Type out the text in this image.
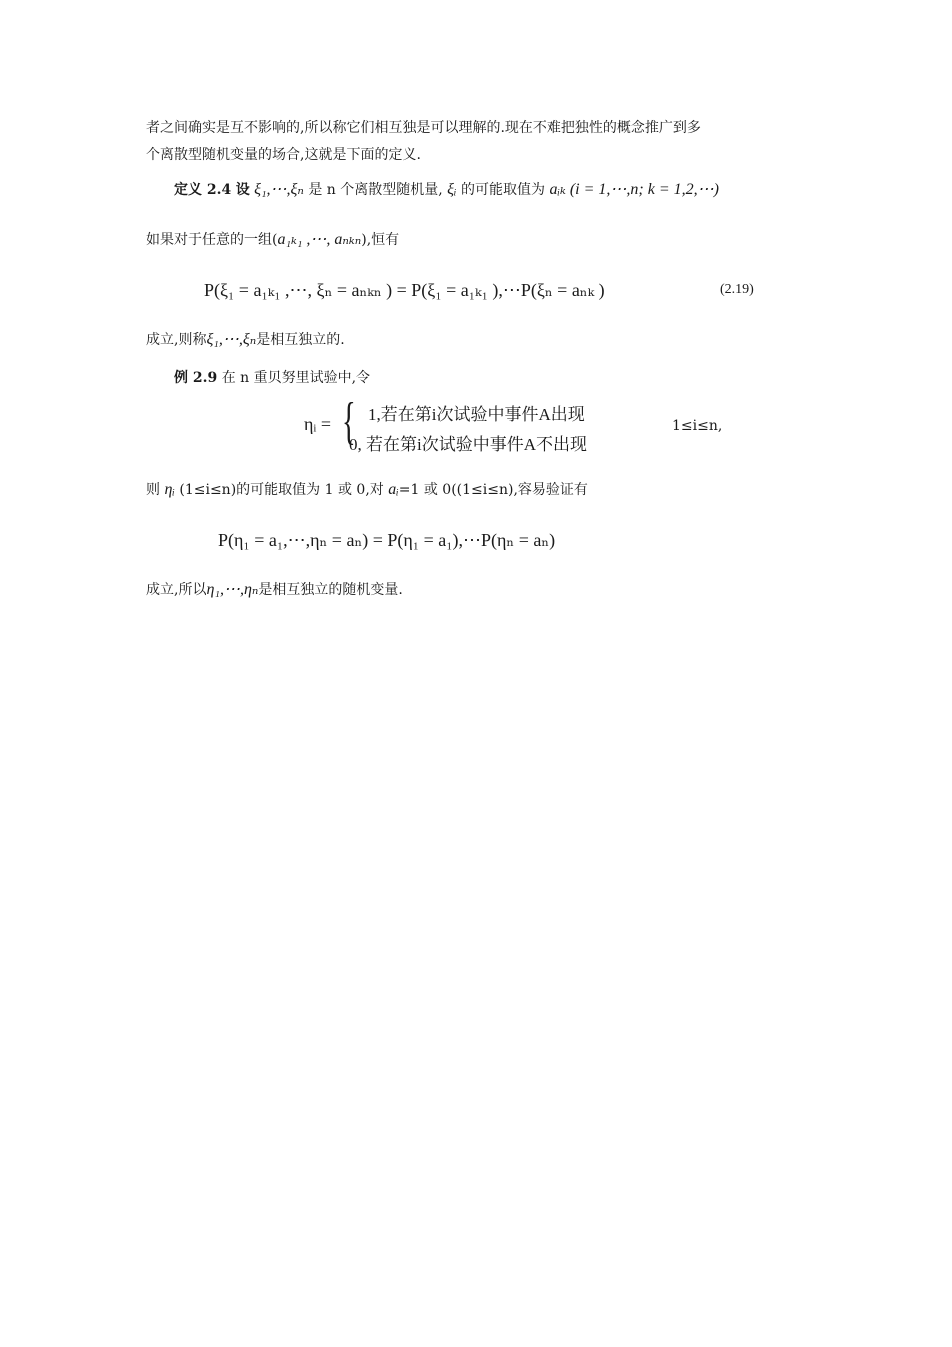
者之间确实是互不影响的,所以称它们相互独是可以理解的.现在不难把独性的概念推广到多
个离散型随机变量的场合,这就是下面的定义.
定义 2.4 设 ξ₁,⋯,ξₙ 是 n 个离散型随机量, ξᵢ 的可能取值为 aᵢₖ (i = 1,⋯,n; k = 1,2,⋯)
如果对于任意的一组(a₁ₖ₁ ,⋯, aₙₖₙ),恒有
P(ξ₁ = a₁ₖ₁ ,⋯, ξₙ = aₙₖₙ ) = P(ξ₁ = a₁ₖ₁ ),⋯P(ξₙ = aₙₖ )	(2.19)
成立,则称ξ₁,⋯,ξₙ是相互独立的.
例 2.9 在 n 重贝努里试验中,令
ηᵢ = { 1,若在第i次试验中事件A出现
0, 若在第i次试验中事件A不出现
1≤i≤n,
则 ηᵢ (1≤i≤n)的可能取值为 1 或 0,对 aᵢ=1 或 0((1≤i≤n),容易验证有
P(η₁ = a₁,⋯,ηₙ = aₙ) = P(η₁ = a₁),⋯P(ηₙ = aₙ)
成立,所以η₁,⋯,ηₙ是相互独立的随机变量.
